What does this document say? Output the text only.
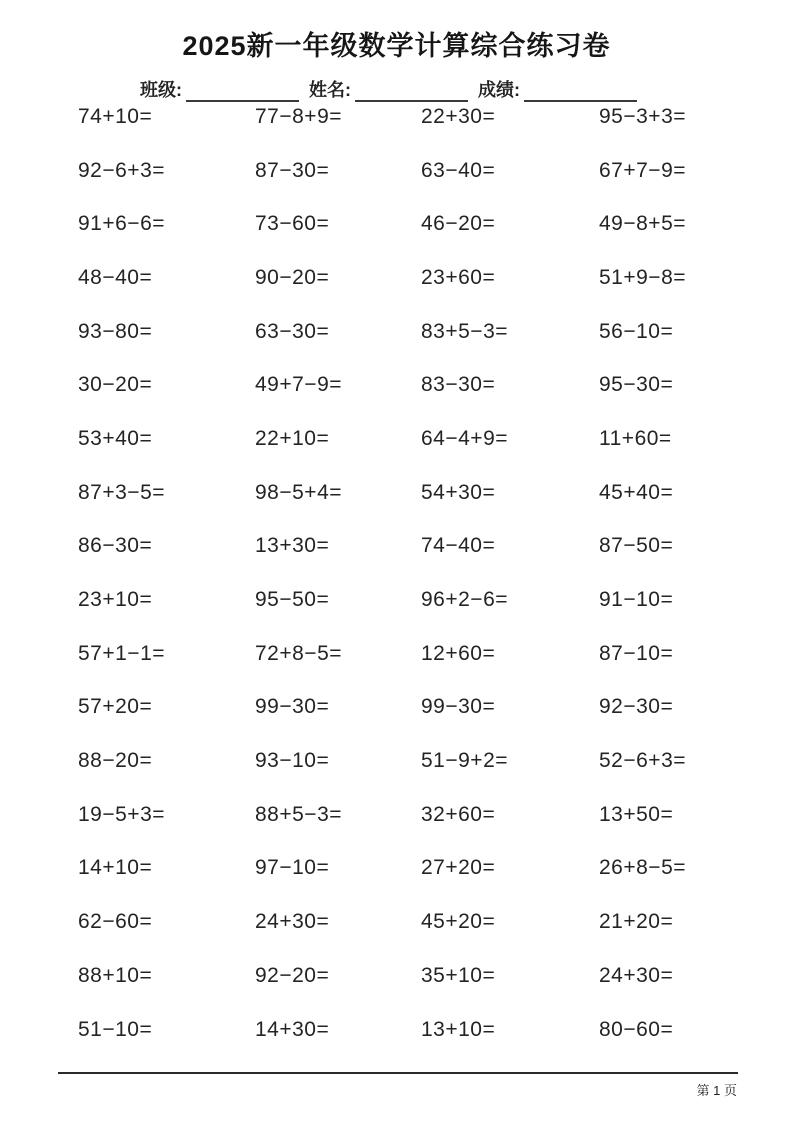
2025新一年级数学计算综合练习卷
班级:	姓名:	成绩:
74+10=	77−8+9=	22+30=	95−3+3=
92−6+3=	87−30=	63−40=	67+7−9=
91+6−6=	73−60=	46−20=	49−8+5=
48−40=	90−20=	23+60=	51+9−8=
93−80=	63−30=	83+5−3=	56−10=
30−20=	49+7−9=	83−30=	95−30=
53+40=	22+10=	64−4+9=	11+60=
87+3−5=	98−5+4=	54+30=	45+40=
86−30=	13+30=	74−40=	87−50=
23+10=	95−50=	96+2−6=	91−10=
57+1−1=	72+8−5=	12+60=	87−10=
57+20=	99−30=	99−30=	92−30=
88−20=	93−10=	51−9+2=	52−6+3=
19−5+3=	88+5−3=	32+60=	13+50=
14+10=	97−10=	27+20=	26+8−5=
62−60=	24+30=	45+20=	21+20=
88+10=	92−20=	35+10=	24+30=
51−10=	14+30=	13+10=	80−60=
第 1 页
